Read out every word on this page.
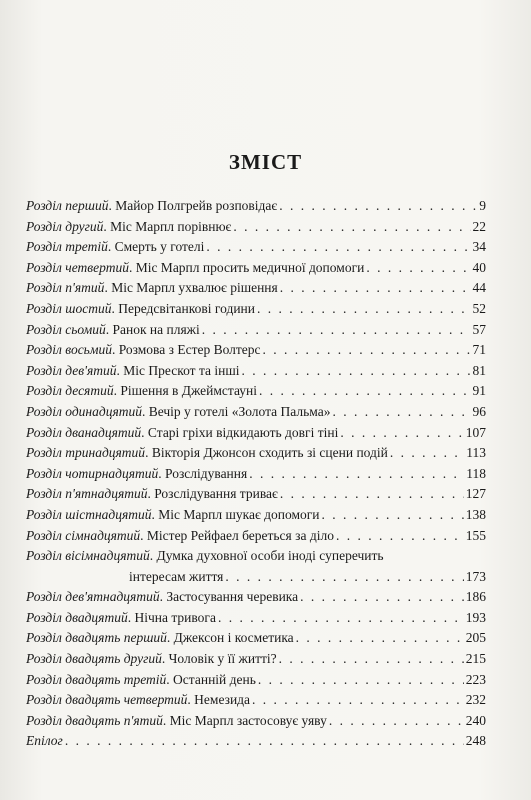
ЗМІСТ
Розділ перший . Майор Полгрейв розповідає . . .	9
Розділ другий . Міс Марпл порівнює . . .	22
Розділ третій . Смерть у готелі . . .	34
Розділ четвертий . Міс Марпл просить медичної допомоги . . .	40
Розділ п'ятий . Міс Марпл ухвалює рішення . . .	44
Розділ шостий . Передсвітанкові години . . .	52
Розділ сьомий . Ранок на пляжі . . .	57
Розділ восьмий . Розмова з Естер Волтерс . . .	71
Розділ дев'ятий . Міс Прескот та інші . . .	81
Розділ десятий . Рішення в Джеймстауні . . .	91
Розділ одинадцятий . Вечір у готелі «Золота Пальма» . . .	96
Розділ дванадцятий . Старі гріхи відкидають довгі тіні . . .	107
Розділ тринадцятий . Вікторія Джонсон сходить зі сцени подій . . .	113
Розділ чотирнадцятий . Розслідування . . .	118
Розділ п'ятнадцятий . Розслідування триває . . .	127
Розділ шістнадцятий . Міс Марпл шукає допомоги . . .	138
Розділ сімнадцятий . Містер Рейфаел береться за діло . . .	155
Розділ вісімнадцятий . Думка духовної особи іноді суперечить
інтересам життя . . .	173
Розділ дев'ятнадцятий . Застосування черевика . . .	186
Розділ двадцятий . Нічна тривога . . .	193
Розділ двадцять перший . Джексон і косметика . . .	205
Розділ двадцять другий . Чоловік у її житті? . . .	215
Розділ двадцять третій . Останній день . . .	223
Розділ двадцять четвертий . Немезида . . .	232
Розділ двадцять п'ятий . Міс Марпл застосовує уяву . . .	240
Епілог . . .	248
